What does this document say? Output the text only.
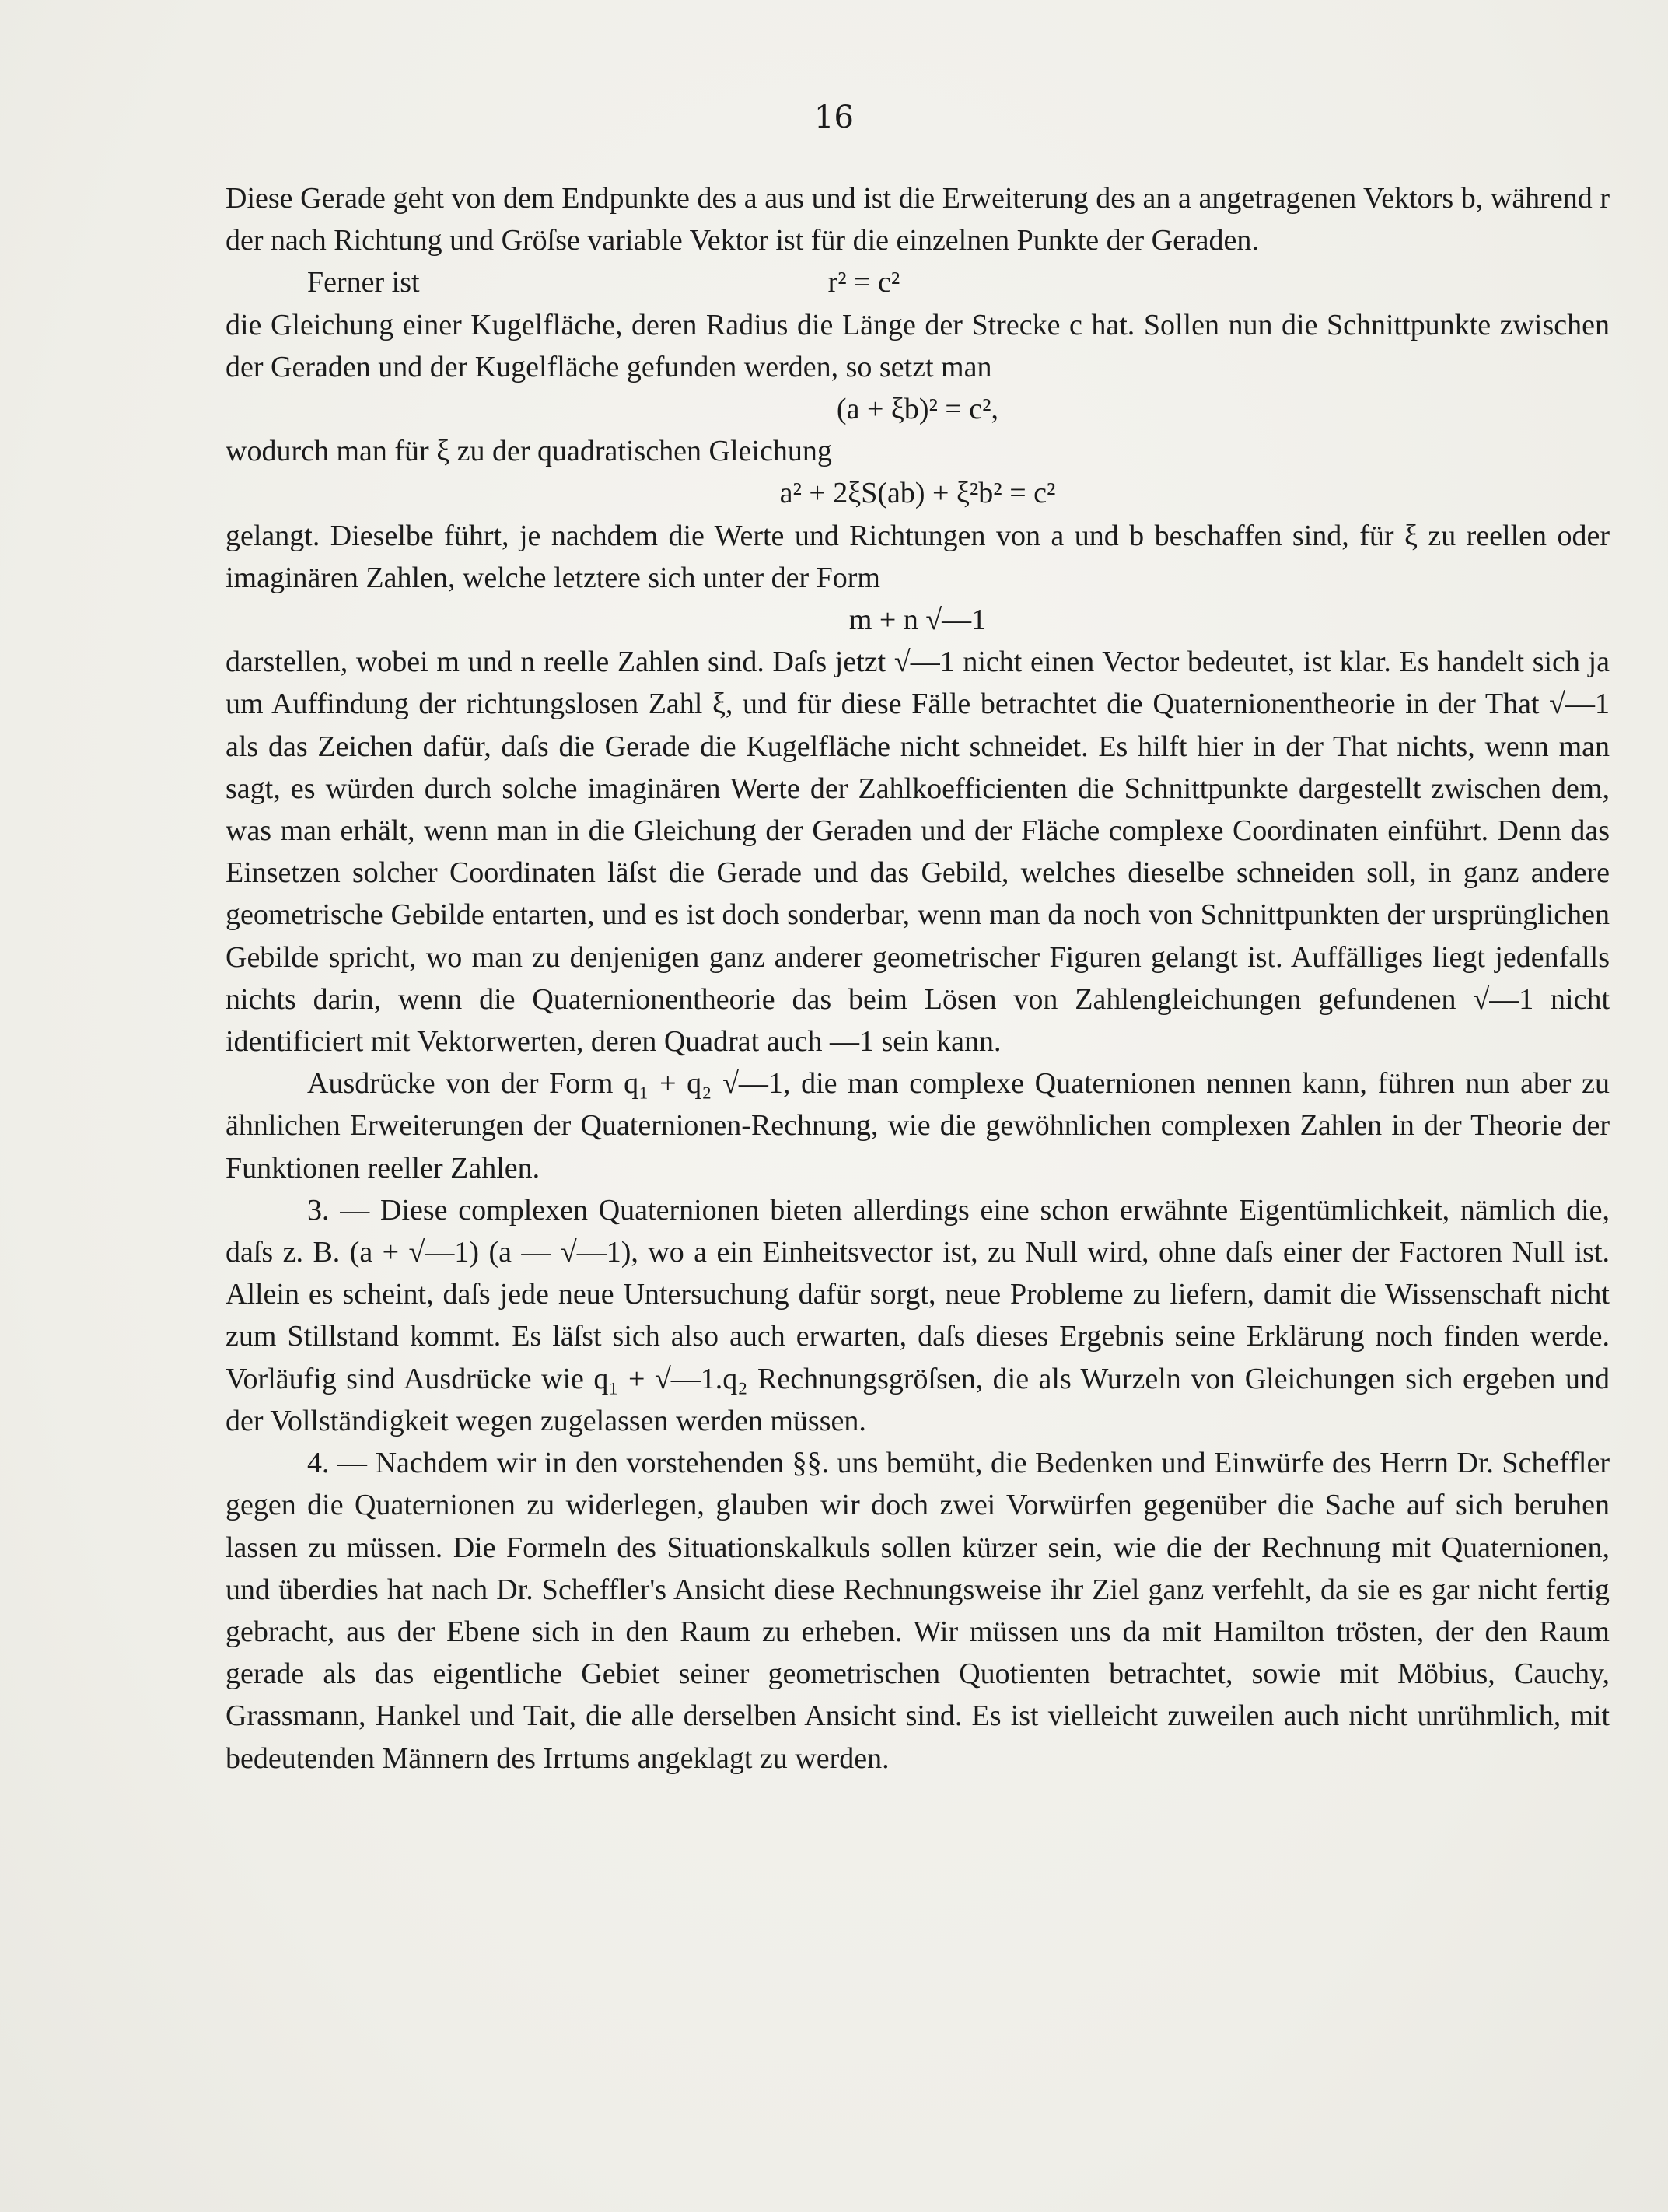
16

Diese Gerade geht von dem Endpunkte des a aus und ist die Erweiterung des an a angetragenen Vektors b, während r der nach Richtung und Gröſse variable Vektor ist für die einzelnen Punkte der Geraden.

Ferner ist	r² = c²

die Gleichung einer Kugelfläche, deren Radius die Länge der Strecke c hat. Sollen nun die Schnittpunkte zwischen der Geraden und der Kugelfläche gefunden werden, so setzt man

(a + ξb)² = c²,

wodurch man für ξ zu der quadratischen Gleichung

a² + 2ξS(ab) + ξ²b² = c²

gelangt. Dieselbe führt, je nachdem die Werte und Richtungen von a und b beschaffen sind, für ξ zu reellen oder imaginären Zahlen, welche letztere sich unter der Form

m + n √—1

darstellen, wobei m und n reelle Zahlen sind. Daſs jetzt √—1 nicht einen Vector bedeutet, ist klar. Es handelt sich ja um Auffindung der richtungslosen Zahl ξ, und für diese Fälle betrachtet die Quaternionentheorie in der That √—1 als das Zeichen dafür, daſs die Gerade die Kugelfläche nicht schneidet. Es hilft hier in der That nichts, wenn man sagt, es würden durch solche imaginären Werte der Zahlkoefficienten die Schnittpunkte dargestellt zwischen dem, was man erhält, wenn man in die Gleichung der Geraden und der Fläche complexe Coordinaten einführt. Denn das Einsetzen solcher Coordinaten läſst die Gerade und das Gebild, welches dieselbe schneiden soll, in ganz andere geometrische Gebilde entarten, und es ist doch sonderbar, wenn man da noch von Schnittpunkten der ursprünglichen Gebilde spricht, wo man zu denjenigen ganz anderer geometrischer Figuren gelangt ist. Auffälliges liegt jedenfalls nichts darin, wenn die Quaternionentheorie das beim Lösen von Zahlengleichungen gefundenen √—1 nicht identificiert mit Vektorwerten, deren Quadrat auch —1 sein kann.

Ausdrücke von der Form q₁ + q₂ √—1, die man complexe Quaternionen nennen kann, führen nun aber zu ähnlichen Erweiterungen der Quaternionen-Rechnung, wie die gewöhnlichen complexen Zahlen in der Theorie der Funktionen reeller Zahlen.

3. — Diese complexen Quaternionen bieten allerdings eine schon erwähnte Eigentümlichkeit, nämlich die, daſs z. B. (a + √—1) (a — √—1), wo a ein Einheitsvector ist, zu Null wird, ohne daſs einer der Factoren Null ist. Allein es scheint, daſs jede neue Untersuchung dafür sorgt, neue Probleme zu liefern, damit die Wissenschaft nicht zum Stillstand kommt. Es läſst sich also auch erwarten, daſs dieses Ergebnis seine Erklärung noch finden werde. Vorläufig sind Ausdrücke wie q₁ + √—1.q₂ Rechnungsgröſsen, die als Wurzeln von Gleichungen sich ergeben und der Vollständigkeit wegen zugelassen werden müssen.

4. — Nachdem wir in den vorstehenden §§. uns bemüht, die Bedenken und Einwürfe des Herrn Dr. Scheffler gegen die Quaternionen zu widerlegen, glauben wir doch zwei Vorwürfen gegenüber die Sache auf sich beruhen lassen zu müssen. Die Formeln des Situationskalkuls sollen kürzer sein, wie die der Rechnung mit Quaternionen, und überdies hat nach Dr. Scheffler's Ansicht diese Rechnungsweise ihr Ziel ganz verfehlt, da sie es gar nicht fertig gebracht, aus der Ebene sich in den Raum zu erheben. Wir müssen uns da mit Hamilton trösten, der den Raum gerade als das eigentliche Gebiet seiner geometrischen Quotienten betrachtet, sowie mit Möbius, Cauchy, Grassmann, Hankel und Tait, die alle derselben Ansicht sind. Es ist vielleicht zuweilen auch nicht unrühmlich, mit bedeutenden Männern des Irrtums angeklagt zu werden.
